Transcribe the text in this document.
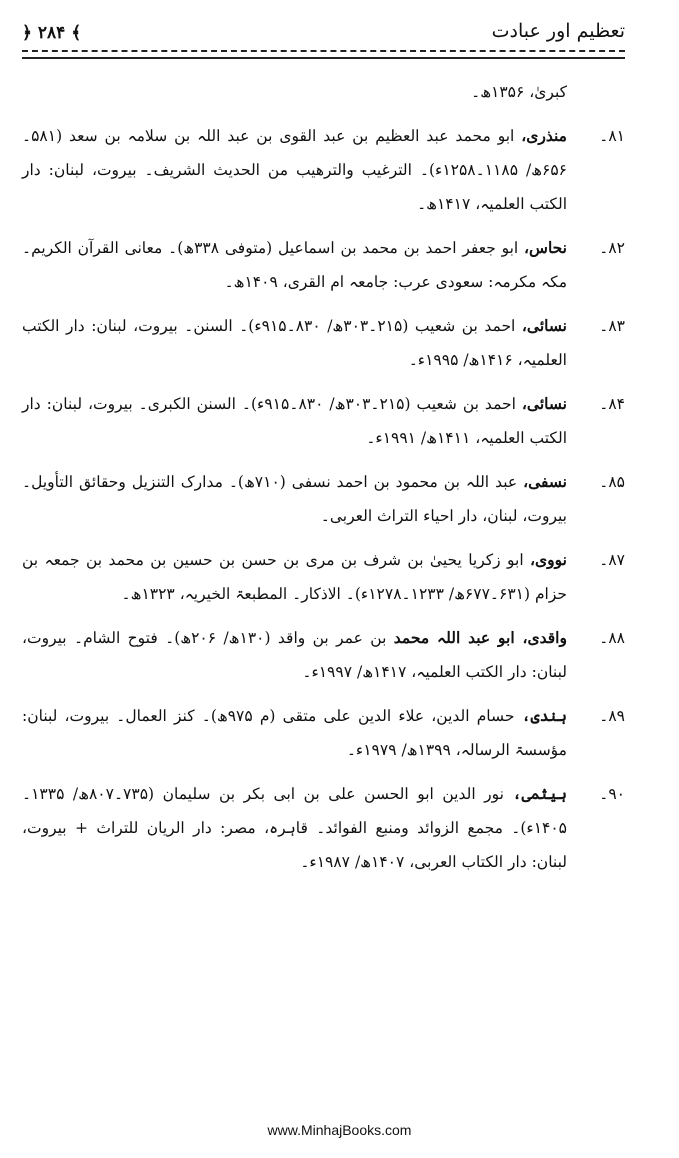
تعظیم اور عبادت
﴾ ۲۸۴ ﴿
کبریٰ، ۱۳۵۶ھ۔
۸۱۔
منذری، ابو محمد عبد العظیم بن عبد القوی بن عبد اللہ بن سلامہ بن سعد (۵۸۱۔ ۶۵۶ھ/ ۱۱۸۵۔۱۲۵۸ء)۔ الترغیب والترھیب من الحدیث الشریف۔ بیروت، لبنان: دار الکتب العلمیہ، ۱۴۱۷ھ۔
۸۲۔
نحاس، ابو جعفر احمد بن محمد بن اسماعیل (متوفی ۳۳۸ھ)۔ معانی القرآن الکریم۔ مکہ مکرمہ: سعودی عرب: جامعہ ام القری، ۱۴۰۹ھ۔
۸۳۔
نسائی، احمد بن شعیب (۲۱۵۔۳۰۳ھ/ ۸۳۰۔۹۱۵ء)۔ السنن۔ بیروت، لبنان: دار الکتب العلمیہ، ۱۴۱۶ھ/ ۱۹۹۵ء۔
۸۴۔
نسائی، احمد بن شعیب (۲۱۵۔۳۰۳ھ/ ۸۳۰۔۹۱۵ء)۔ السنن الکبری۔ بیروت، لبنان: دار الکتب العلمیہ، ۱۴۱۱ھ/ ۱۹۹۱ء۔
۸۵۔
نسفی، عبد اللہ بن محمود بن احمد نسفی (۷۱۰ھ)۔ مدارک التنزیل وحقائق التأویل۔ بیروت، لبنان، دار احیاء التراث العربی۔
۸۷۔
نووی، ابو زکریا یحییٰ بن شرف بن مری بن حسن بن حسین بن محمد بن جمعہ بن حزام (۶۳۱۔۶۷۷ھ/ ۱۲۳۳۔۱۲۷۸ء)۔ الاذکار۔ المطبعۃ الخیریہ، ۱۳۲۳ھ۔
۸۸۔
واقدی، ابو عبد اللہ محمد بن عمر بن واقد (۱۳۰ھ/ ۲۰۶ھ)۔ فتوح الشام۔ بیروت، لبنان: دار الکتب العلمیہ، ۱۴۱۷ھ/ ۱۹۹۷ء۔
۸۹۔
ہندی، حسام الدین، علاء الدین علی متقی (م ۹۷۵ھ)۔ کنز العمال۔ بیروت، لبنان: مؤسسۃ الرسالہ، ۱۳۹۹ھ/ ۱۹۷۹ء۔
۹۰۔
ہیثمی، نور الدین ابو الحسن علی بن ابی بکر بن سلیمان (۷۳۵۔۸۰۷ھ/ ۱۳۳۵۔ ۱۴۰۵ء)۔ مجمع الزوائد ومنبع الفوائد۔ قاہرہ، مصر: دار الریان للتراث + بیروت، لبنان: دار الکتاب العربی، ۱۴۰۷ھ/ ۱۹۸۷ء۔
www.MinhajBooks.com
